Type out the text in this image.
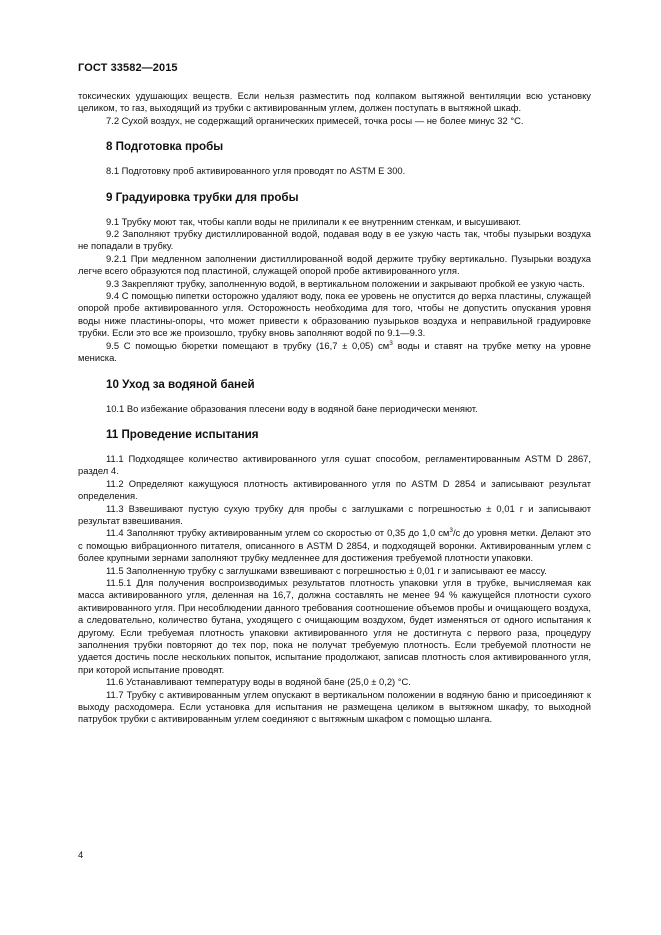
ГОСТ 33582—2015

токсических удушающих веществ. Если нельзя разместить под колпаком вытяжной вентиляции всю установку целиком, то газ, выходящий из трубки с активированным углем, должен поступать в вытяжной шкаф.

7.2 Сухой воздух, не содержащий органических примесей, точка росы — не более минус 32 °С.

8 Подготовка пробы

8.1 Подготовку проб активированного угля проводят по ASTM E 300.

9 Градуировка трубки для пробы

9.1 Трубку моют так, чтобы капли воды не прилипали к ее внутренним стенкам, и высушивают.

9.2 Заполняют трубку дистиллированной водой, подавая воду в ее узкую часть так, чтобы пузырьки воздуха не попадали в трубку.

9.2.1 При медленном заполнении дистиллированной водой держите трубку вертикально. Пузырьки воздуха легче всего образуются под пластиной, служащей опорой пробе активированного угля.

9.3 Закрепляют трубку, заполненную водой, в вертикальном положении и закрывают пробкой ее узкую часть.

9.4 С помощью пипетки осторожно удаляют воду, пока ее уровень не опустится до верха пластины, служащей опорой пробе активированного угля. Осторожность необходима для того, чтобы не допустить опускания уровня воды ниже пластины-опоры, что может привести к образованию пузырьков воздуха и неправильной градуировке трубки. Если это все же произошло, трубку вновь заполняют водой по 9.1—9.3.

9.5 С помощью бюретки помещают в трубку (16,7 ± 0,05) $см^3$ воды и ставят на трубке метку на уровне мениска.

10 Уход за водяной баней

10.1 Во избежание образования плесени воду в водяной бане периодически меняют.

11 Проведение испытания

11.1 Подходящее количество активированного угля сушат способом, регламентированным ASTM D 2867, раздел 4.

11.2 Определяют кажущуюся плотность активированного угля по ASTM D 2854 и записывают результат определения.

11.3 Взвешивают пустую сухую трубку для пробы с заглушками с погрешностью ± 0,01 г и записывают результат взвешивания.

11.4 Заполняют трубку активированным углем со скоростью от 0,35 до 1,0 $см^3/с$ до уровня метки. Делают это с помощью вибрационного питателя, описанного в ASTM D 2854, и подходящей воронки. Активированным углем с более крупными зернами заполняют трубку медленнее для достижения требуемой плотности упаковки.

11.5 Заполненную трубку с заглушками взвешивают с погрешностью ± 0,01 г и записывают ее массу.

11.5.1 Для получения воспроизводимых результатов плотность упаковки угля в трубке, вычисляемая как масса активированного угля, деленная на 16,7, должна составлять не менее 94 % кажущейся плотности сухого активированного угля. При несоблюдении данного требования соотношение объемов пробы и очищающего воздуха, а следовательно, количество бутана, уходящего с очищающим воздухом, будет изменяться от одного испытания к другому. Если требуемая плотность упаковки активированного угля не достигнута с первого раза, процедуру заполнения трубки повторяют до тех пор, пока не получат требуемую плотность. Если требуемой плотности не удается достичь после нескольких попыток, испытание продолжают, записав плотность слоя активированного угля, при которой испытание проводят.

11.6 Устанавливают температуру воды в водяной бане (25,0 ± 0,2) °С.

11.7 Трубку с активированным углем опускают в вертикальном положении в водяную баню и присоединяют к выходу расходомера. Если установка для испытания не размещена целиком в вытяжном шкафу, то выходной патрубок трубки с активированным углем соединяют с вытяжным шкафом с помощью шланга.

4
